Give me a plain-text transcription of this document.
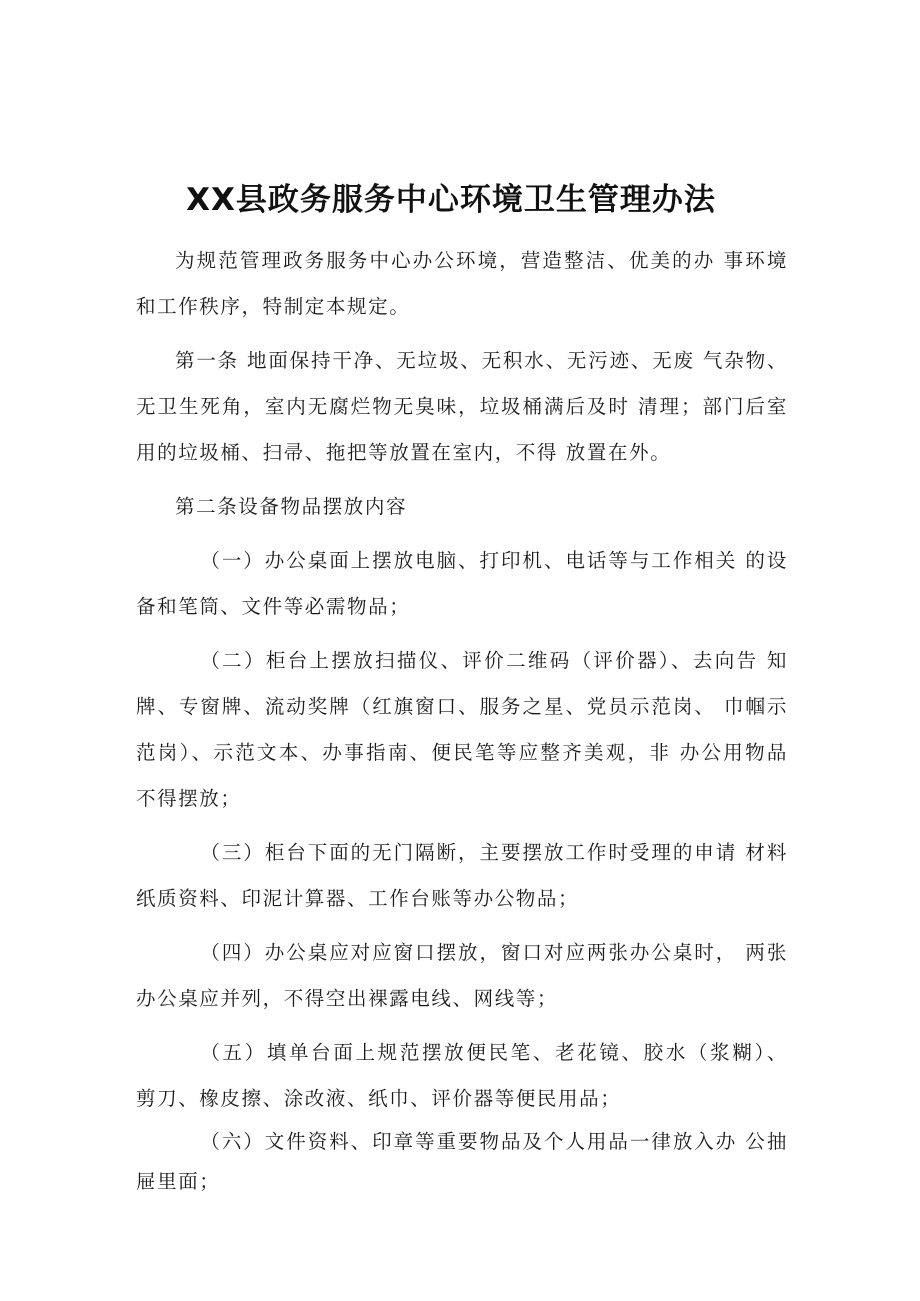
XX县政务服务中心环境卫生管理办法

为规范管理政务服务中心办公环境，营造整洁、优美的办 事环境和工作秩序，特制定本规定。

第一条 地面保持干净、无垃圾、无积水、无污迹、无废 气杂物、无卫生死角，室内无腐烂物无臭味，垃圾桶满后及时 清理；部门后室用的垃圾桶、扫帚、拖把等放置在室内，不得 放置在外。

第二条设备物品摆放内容

（一）办公桌面上摆放电脑、打印机、电话等与工作相关 的设备和笔筒、文件等必需物品；

（二）柜台上摆放扫描仪、评价二维码（评价器）、去向告 知牌、专窗牌、流动奖牌（红旗窗口、服务之星、党员示范岗、 巾帼示范岗）、示范文本、办事指南、便民笔等应整齐美观，非 办公用物品不得摆放；

（三）柜台下面的无门隔断，主要摆放工作时受理的申请 材料纸质资料、印泥计算器、工作台账等办公物品；

（四）办公桌应对应窗口摆放，窗口对应两张办公桌时， 两张办公桌应并列，不得空出裸露电线、网线等；

（五）填单台面上规范摆放便民笔、老花镜、胶水（浆糊）、 剪刀、橡皮擦、涂改液、纸巾、评价器等便民用品；

（六）文件资料、印章等重要物品及个人用品一律放入办 公抽屉里面；
